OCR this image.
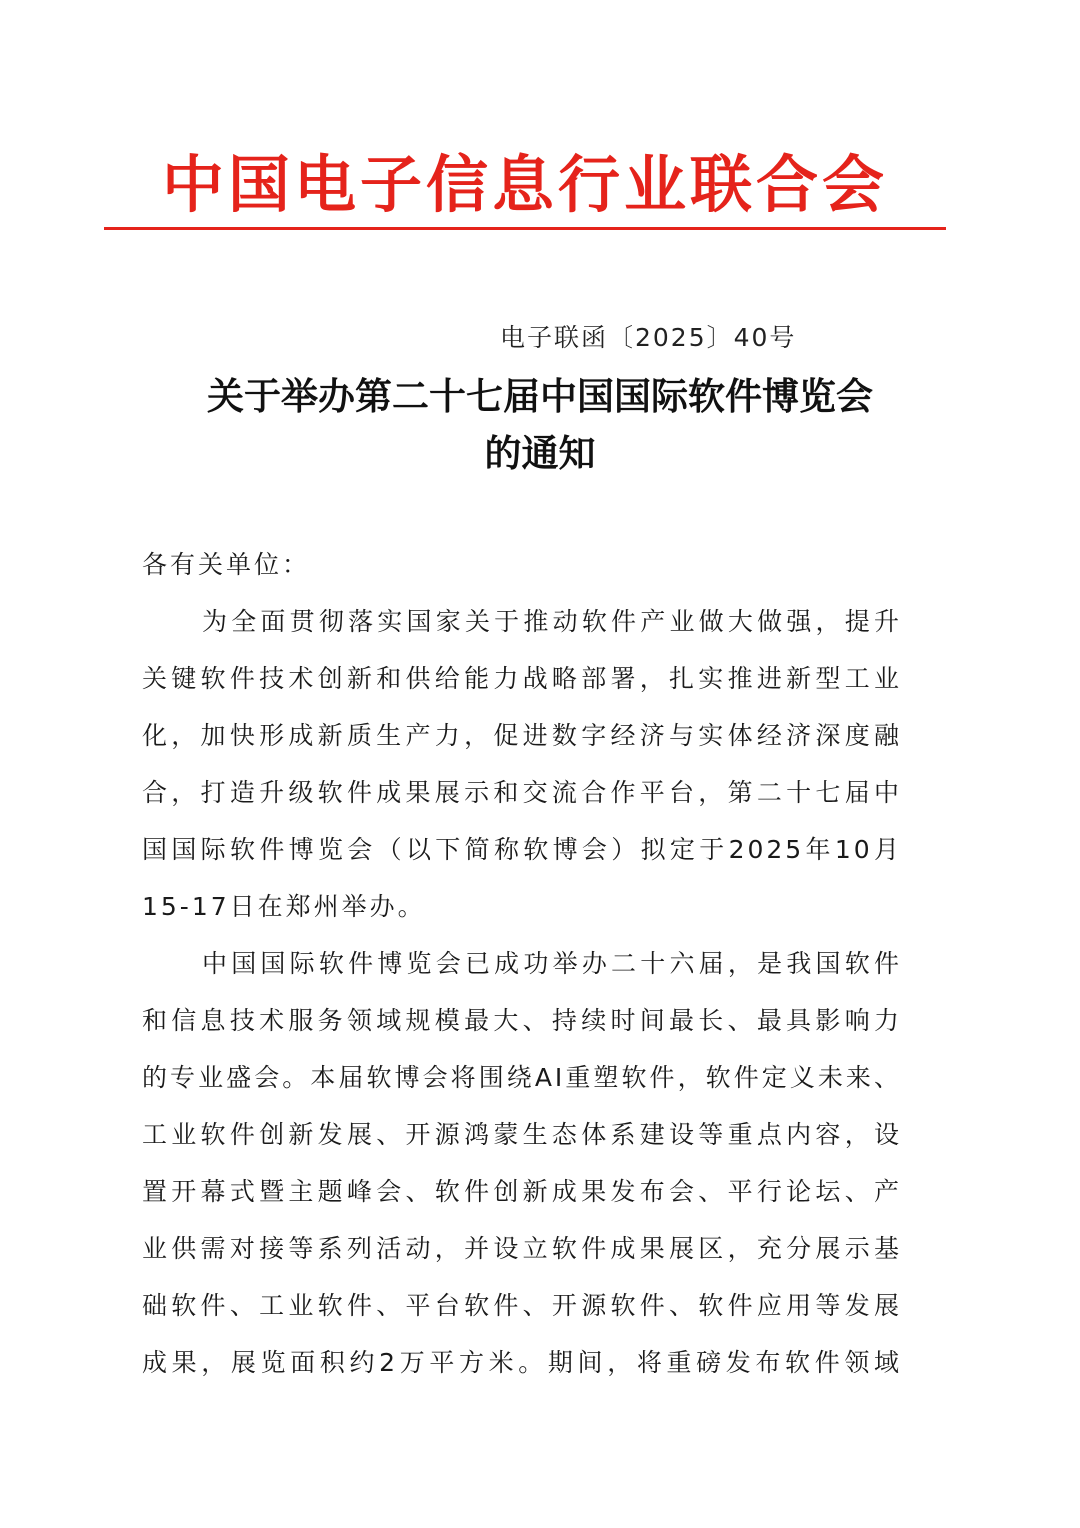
中国电子信息行业联合会
电子联函〔2025〕40号
关于举办第二十七届中国国际软件博览会
的通知
各有关单位：
为全面贯彻落实国家关于推动软件产业做大做强，提升
关键软件技术创新和供给能力战略部署，扎实推进新型工业
化，加快形成新质生产力，促进数字经济与实体经济深度融
合，打造升级软件成果展示和交流合作平台，第二十七届中
国国际软件博览会（以下简称软博会）拟定于2025年10月
15-17日在郑州举办。
中国国际软件博览会已成功举办二十六届，是我国软件
和信息技术服务领域规模最大、持续时间最长、最具影响力
的专业盛会。本届软博会将围绕AI重塑软件，软件定义未来、
工业软件创新发展、开源鸿蒙生态体系建设等重点内容，设
置开幕式暨主题峰会、软件创新成果发布会、平行论坛、产
业供需对接等系列活动，并设立软件成果展区，充分展示基
础软件、工业软件、平台软件、开源软件、软件应用等发展
成果，展览面积约2万平方米。期间，将重磅发布软件领域
